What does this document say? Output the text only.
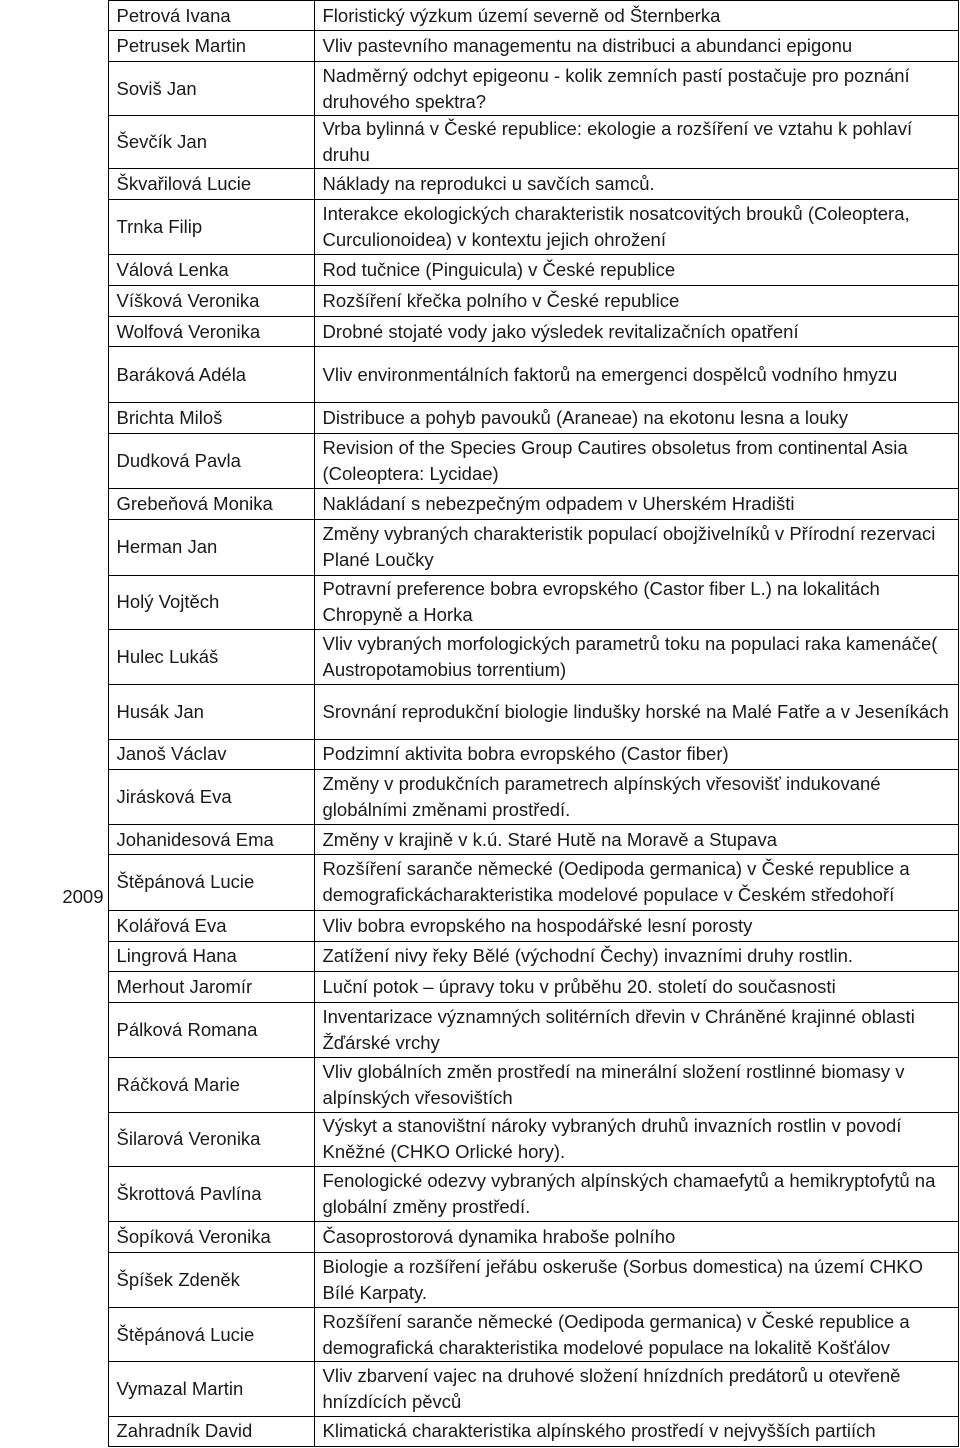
	Petrová Ivana	Floristický výzkum území severně od Šternberka
	Petrusek Martin	Vliv pastevního managementu na distribuci a abundanci epigonu
	Soviš Jan	Nadměrný odchyt epigeonu - kolik zemních pastí postačuje pro poznání druhového spektra?
	Ševčík Jan	Vrba bylinná v České republice: ekologie a rozšíření ve vztahu k pohlaví druhu
	Škvařilová Lucie	Náklady na reprodukci u savčích samců.
	Trnka Filip	Interakce ekologických charakteristik nosatcovitých brouků (Coleoptera, Curculionoidea) v kontextu jejich ohrožení
	Válová Lenka	Rod tučnice (Pinguicula) v České republice
	Víšková Veronika	Rozšíření křečka polního v České republice
	Wolfová Veronika	Drobné stojaté vody jako výsledek revitalizačních opatření
2009	Baráková Adéla	Vliv environmentálních faktorů na emergenci dospělců vodního hmyzu
	Brichta Miloš	Distribuce a pohyb pavouků (Araneae) na ekotonu lesna a louky
	Dudková Pavla	Revision of the Species Group Cautires obsoletus from continental Asia (Coleoptera: Lycidae)
	Grebeňová Monika	Nakládaní s nebezpečným odpadem v Uherském Hradišti
	Herman Jan	Změny vybraných charakteristik populací obojživelníků v Přírodní rezervaci Plané Loučky
	Holý Vojtěch	Potravní preference bobra evropského (Castor fiber L.) na lokalitách Chropyně a Horka
	Hulec Lukáš	Vliv vybraných morfologických parametrů toku na populaci raka kamenáče( Austropotamobius torrentium)
	Husák Jan	Srovnání reprodukční biologie linduškу horské na Malé Fatře a v Jeseníkách
	Janoš Václav	Podzimní aktivita bobra evropského (Castor fiber)
	Jirásková Eva	Změny v produkčních parametrech alpínských vřesovišť indukované globálními změnami prostředí.
	Johanidesová Ema	Změny v krajině v k.ú. Staré Hutě na Moravě a Stupava
	Štěpánová Lucie	Rozšíření sarančе německé (Oedipoda germanica) v České republice a demografickácharakteristika modelové populace v Českém středohoří
	Kolářová Eva	Vliv bobra evropského na hospodářské lesní porosty
	Lingrová Hana	Zatížení nivy řeky Bělé (východní Čechy) invazními druhy rostlin.
	Merhout Jaromír	Luční potok – úpravy toku v průběhu 20. století do současnosti
	Pálková Romana	Inventarizace významných solitérních dřevin v Chráněné krajinné oblasti Žďárské vrchy
	Ráčková Marie	Vliv globálních změn prostředí na minerální složení rostlinné biomasy v alpínských vřesovištích
	Šilarová Veronika	Výskyt a stanovištní nároky vybraných druhů invazních rostlin v povodí Kněžné (CHKO Orlické hory).
	Škrottová Pavlína	Fenologické odezvy vybraných alpínských chamaefytů a hemikryptofytů na globální změny prostředí.
	Šopíková Veronika	Časoprostorová dynamika hraboše polního
	Špíšek Zdeněk	Biologie a rozšíření jeřábu oskeruše (Sorbus domestica) na území CHKO Bílé Karpaty.
	Štěpánová Lucie	Rozšíření sarančе německé (Oedipoda germanica) v České republice a demografická charakteristika modelové populace na lokalitě Košťálov
	Vymazal Martin	Vliv zbarvení vajec na druhové složení hnízdních predátorů u otevřeně hnízdících pěvců
	Zahradník David	Klimatická charakteristika alpínského prostředí v nejvyšších partiích
